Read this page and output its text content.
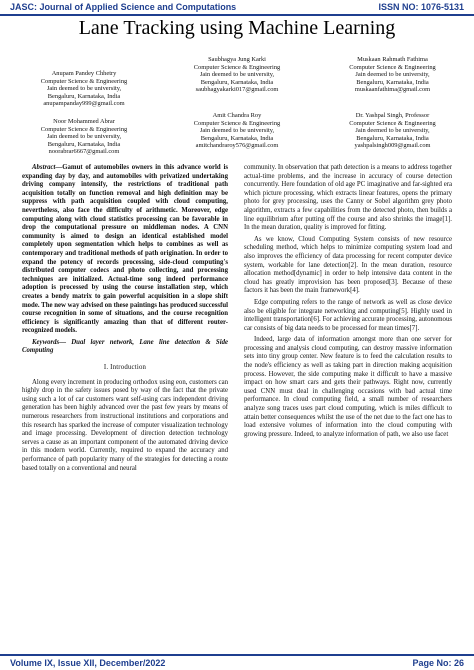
JASC: Journal of Applied Science and Computations	ISSN NO: 1076-5131
Lane Tracking using Machine Learning
Anupam Pandey Chhetry
Computer Science & Engineering
Jain deemed to be university,
Bengaluru, Karnataka, India
anupampanday999@gmail.com
Saubhagya Jung Karki
Computer Science & Engineering
Jain deemed to be university,
Bengaluru, Karnataka, India
saubhagyakarki017@gmail.com
Muskaan Rahmath Fathima
Computer Science & Engineering
Jain deemed to be university,
Bengaluru, Karnataka, India
muskaanfathima@gmail.com
Noor Mohammed Abrar
Computer Science & Engineering
Jain deemed to be university,
Bengaluru, Karnataka, India
noorabrar6667@gmail.com
Amit Chandra Roy
Computer Science & Engineering
Jain deemed to be university,
Bengaluru, Karnataka, India
amitchandraroy576@gmail.com
Dr. Yashpal Singh, Professor
Computer Science & Engineering
Jain deemed to be university,
Bengaluru, Karnataka, India
yashpalsingh009@gmail.com

Abstract—Gamut of automobiles owners in this advance world is expanding day by day, and automobiles with privatized undertaking driving company intensify, the restrictions of traditional path acquisition totally on function removal and high definition may be suppress with path acquisition coupled with cloud computing, nevertheless, also face the difficulty of arithmetic. Moreover, edge computing along with cloud statistics processing can be favorable in drop the computational pressure on middleman nodes. A CNN community is aimed to design an identical established model completely upon segmentation which helps to combines as well as contemporary and traditional methods of path origination. In order to expand the potency of records processing, side-cloud computing's distributed computer codecs and photo collecting, and processing techniques are initialized. Actual-time song indeed performance adoption is processed by using the course installation step, which creates a bendy matrix to gain powerful acquisition in a slope shift mode. The new way advised on these paintings has produced successful course recognition in some of situations, and the course recognition efficiency is significantly amazing than that of different router-recognized models.

Keywords— Dual layer network, Lane line detection & Side Computing

I. Introduction

Along every increment in producing orthodox using eon, customers can highly drop in the safety issues posed by way of the fact that the private using such a lot of car customers want self-using cars independent driving generation has been highly advanced over the past few years by means of numerous researchers from instructional institutions and corporations and this research has sparked the increase of computer visualization technology and image processing. Development of direction detection technology serves a cause as an important component of the automated driving device in this modern world. Currently, required to expand the accuracy and performance of path popularity many of the strategies for detecting a route based totally on a conventional and neural

community. In observation that path detection is a means to address together actual-time problems, and the increase in accuracy of course detection concurrently. Here foundation of old age PC imaginative and far-sighted era which picture processing, which extracts linear features, opens the primary photo for grey processing, uses the Canny or Sobel algorithm grey photo algorithm, extracts a few capabilities from the detected photo, then builds a line equilibrium after putting off the course and also shrinks the image[1]. In the mean duration, quality is improved for fitting.

As we know, Cloud Computing System consists of new resource scheduling method, which helps to minimize computing system load and also improves the efficiency of data processing for recent computer device system, workable for lane detection[2]. In the mean duration, resource allocation method[dynamic] in order to help intensive data content in the cloud has greatly improvision has been proposed[3]. Because of these factors it has been the main framework[4].

Edge computing refers to the range of network as well as close device also be eligible for integrate networking and computing[5]. Highly used in intelligent transportation[6]. For achieving accurate processing, autonomous car consists of big data needs to be processed for mean times[7].

Indeed, large data of information amongst more than one server for processing and analysis cloud computing, can destroy massive information sets into tiny group center. New feature is to feed the calculation results to the node's efficiency as well as taking part in direction making acquisition process. However, the side computing make it difficult to have a massive impact on how smart cars and gets their pathways. Right now, currently used CNN must deal in challenging occasions with bad actual time performance. In cloud computing field, a small number of researchers analyze song traces uses part cloud computing, which is miles difficult to attain better consequences whilst the use of the net due to the fact one has to load extensive volumes of information into the cloud computing with growing pressure. Indeed, to analyze information of path, we also use facet

Volume IX, Issue XII, December/2022	Page No: 26
